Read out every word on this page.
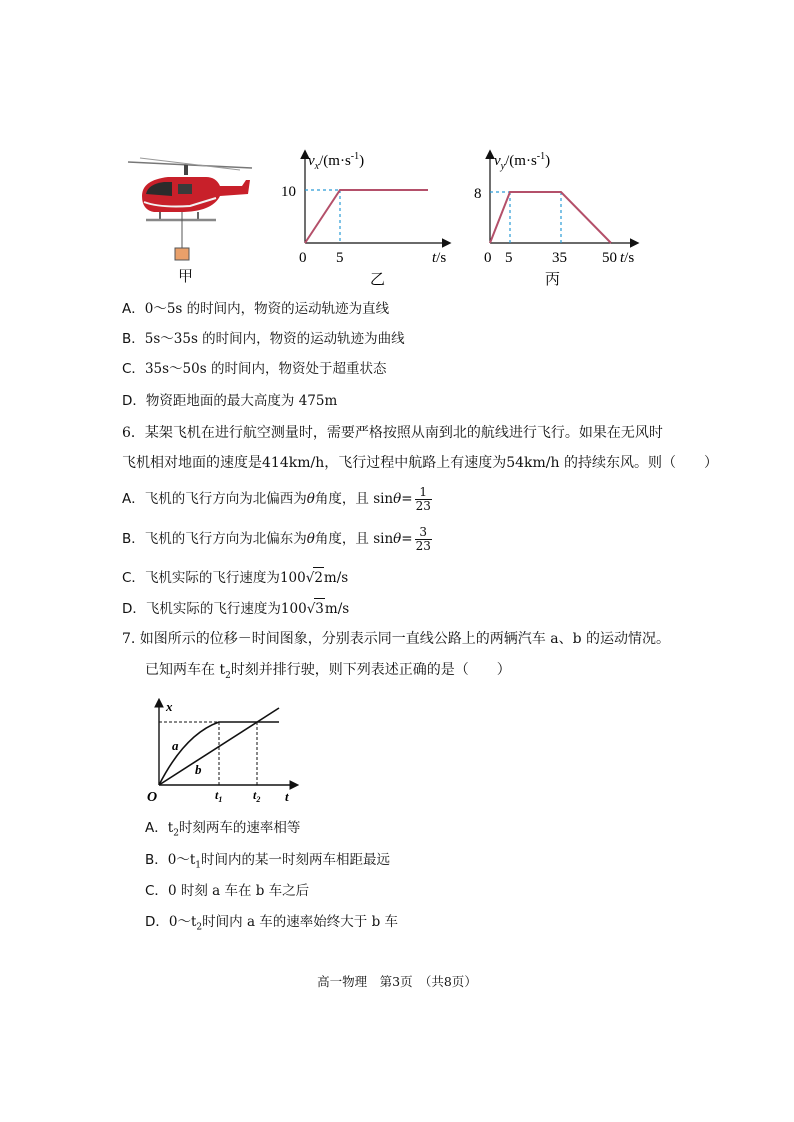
甲
$v_x/(m\cdot s^{-1})$
10
0 5	t/s
乙
$v_y/(m\cdot s^{-1})$
8
0 5	35 50 t/s
丙
A．0～5s 的时间内，物资的运动轨迹为直线
B．5s～35s 的时间内，物资的运动轨迹为曲线
C．35s～50s 的时间内，物资处于超重状态
D．物资距地面的最大高度为 475m
6．某架飞机在进行航空测量时，需要严格按照从南到北的航线进行飞行。如果在无风时
飞机相对地面的速度是414km/h，飞行过程中航路上有速度为54km/h 的持续东风。则（　　）
A．飞机的飞行方向为北偏西为θ角度，且 $\sin\theta= \frac{1}{23}$
B．飞机的飞行方向为北偏东为θ角度，且 $\sin\theta= \frac{3}{23}$
C．飞机实际的飞行速度为100√2m/s
D．飞机实际的飞行速度为100√3m/s
7. 如图所示的位移－时间图象，分别表示同一直线公路上的两辆汽车 a、b 的运动情况。
已知两车在 $t_2$时刻并排行驶，则下列表述正确的是（　　）
x
O	t
a
b
$t_1$	$t_2$
A．$t_2$时刻两车的速率相等
B．$0\sim t_1$时间内的某一时刻两车相距最远
C．0 时刻 a 车在 b 车之后
D．$0\sim t_2$时间内 a 车的速率始终大于 b 车
高一物理　第3页　（共8页）
